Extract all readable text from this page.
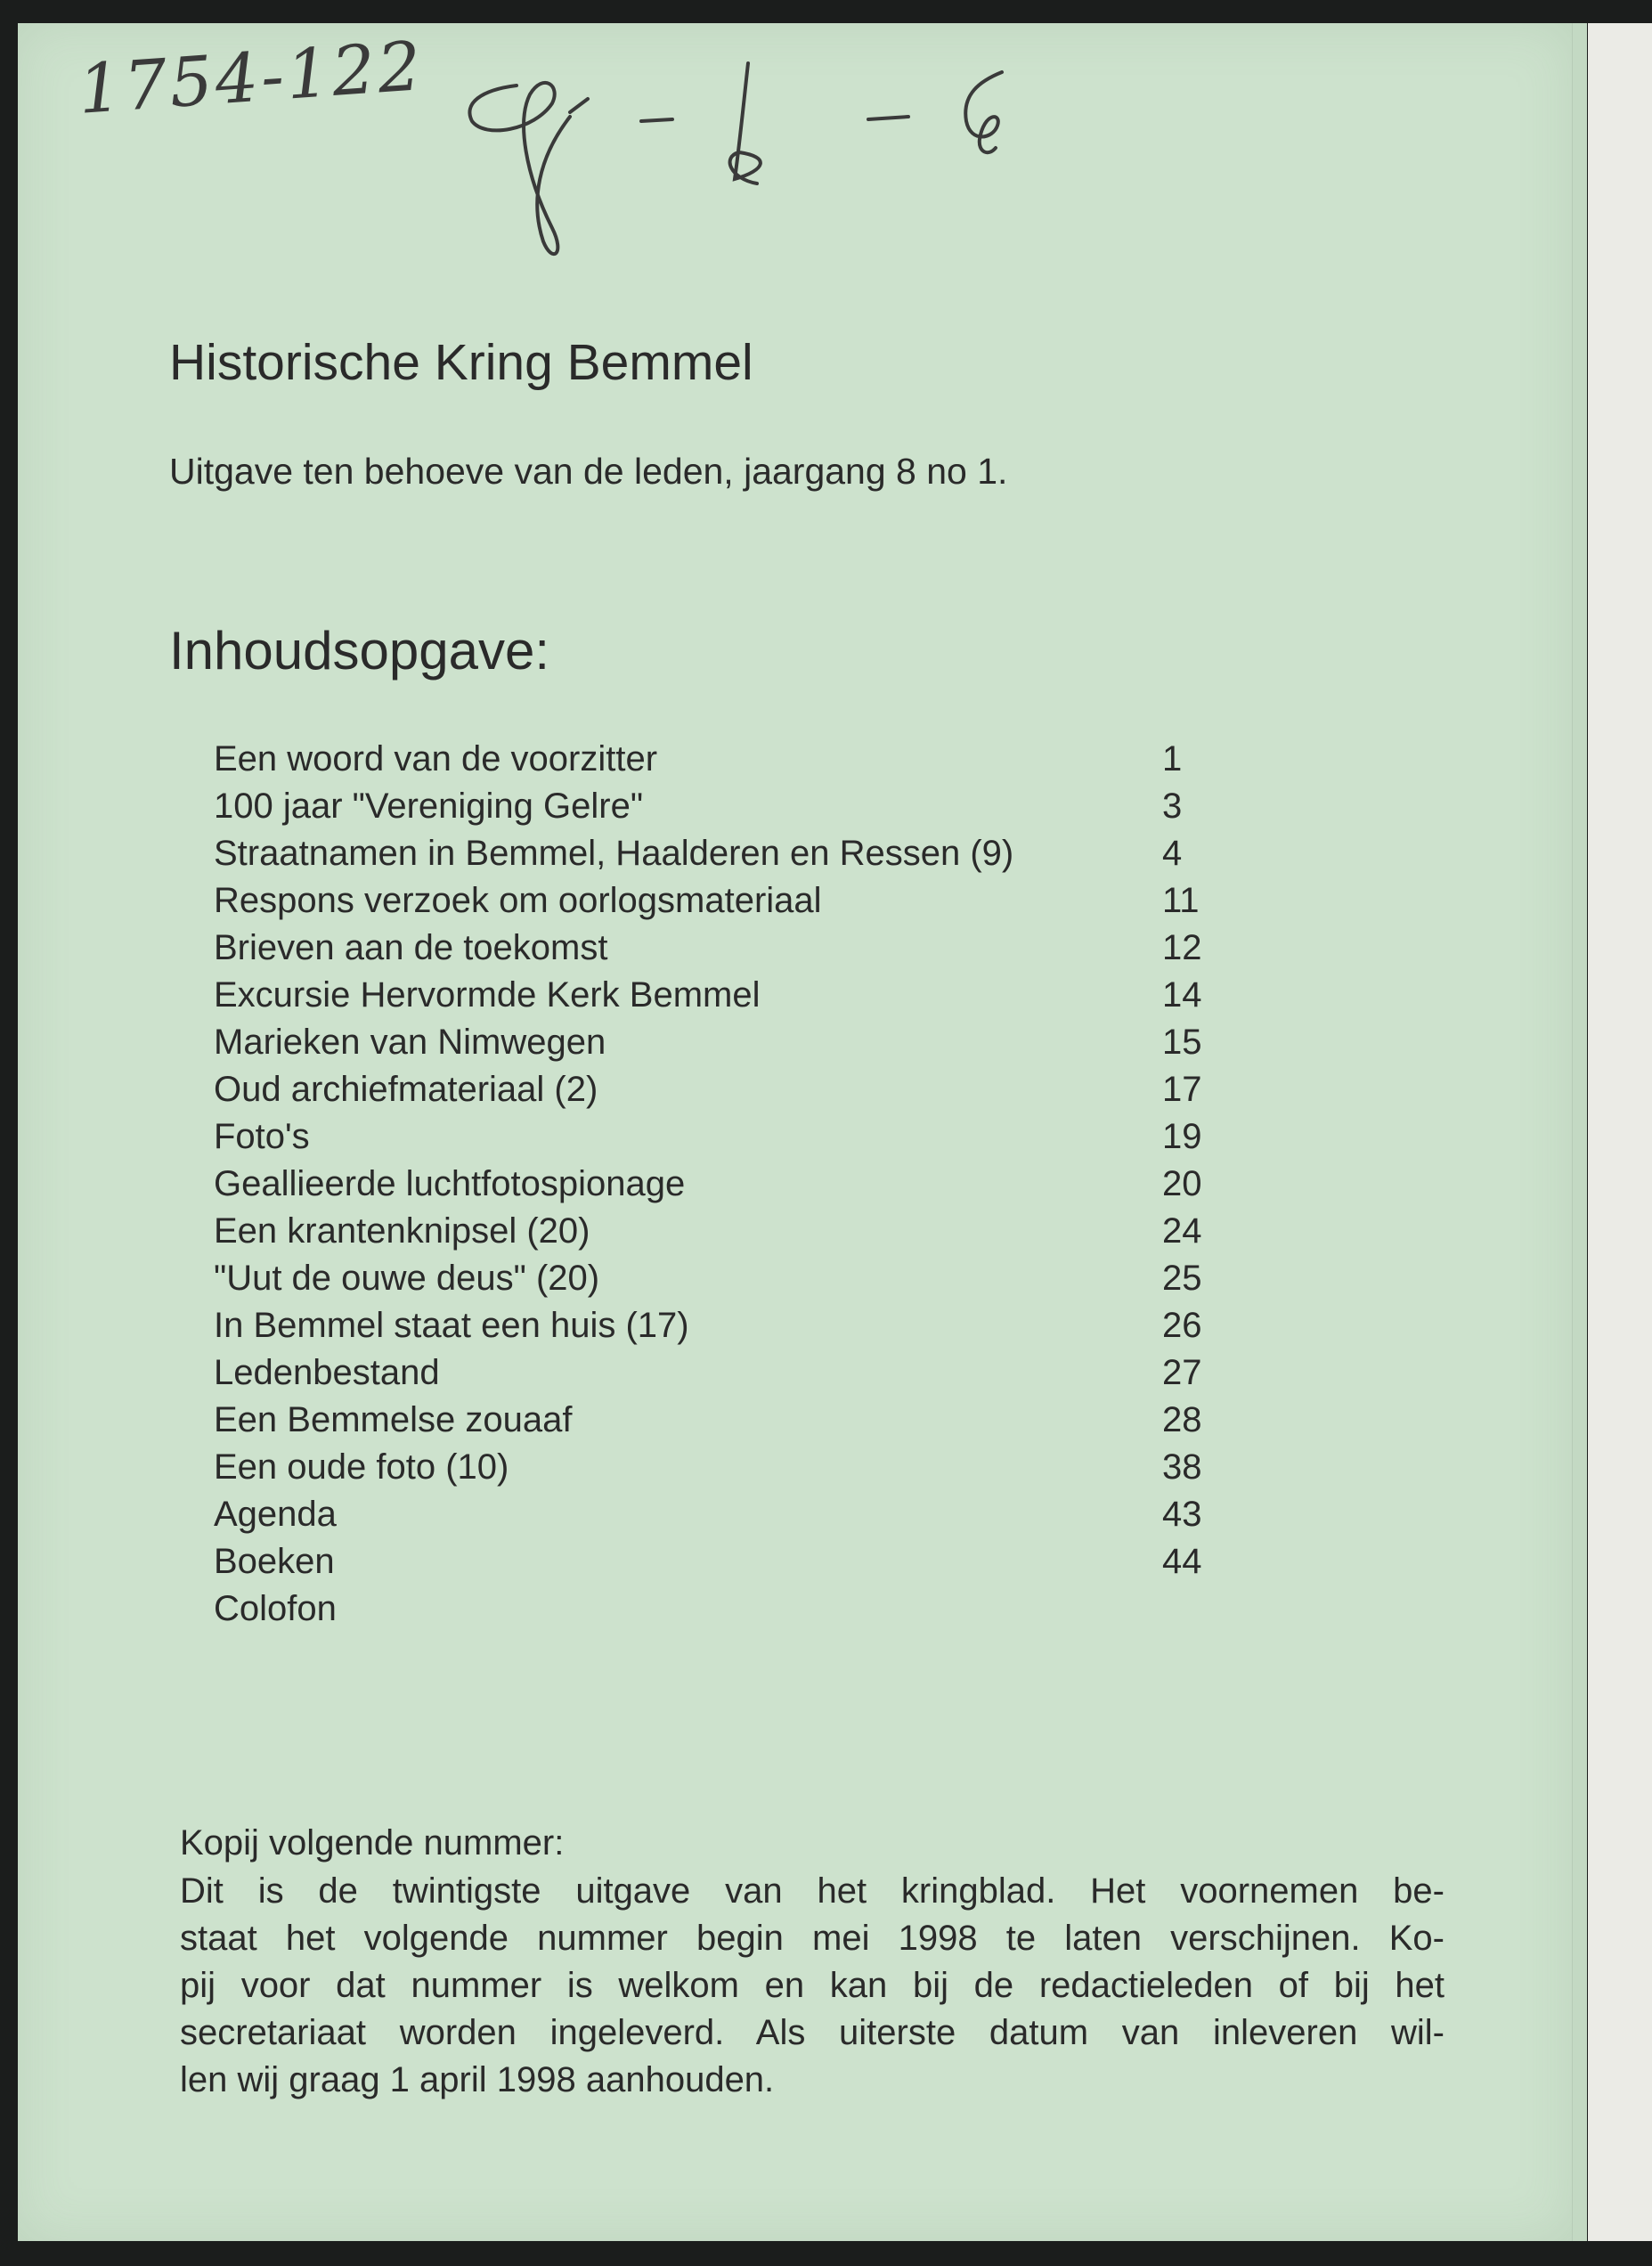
1754-122
Historische Kring Bemmel
Uitgave ten behoeve van de leden, jaargang 8 no 1.
Inhoudsopgave:
Een woord van de voorzitter	1
100 jaar "Vereniging Gelre"	3
Straatnamen in Bemmel, Haalderen en Ressen (9)	4
Respons verzoek om oorlogsmateriaal	11
Brieven aan de toekomst	12
Excursie Hervormde Kerk Bemmel	14
Marieken van Nimwegen	15
Oud archiefmateriaal (2)	17
Foto's	19
Geallieerde luchtfotospionage	20
Een krantenknipsel (20)	24
"Uut de ouwe deus" (20)	25
In Bemmel staat een huis (17)	26
Ledenbestand	27
Een Bemmelse zouaaf	28
Een oude foto (10)	38
Agenda	43
Boeken	44
Colofon
Kopij volgende nummer:
Dit is de twintigste uitgave van het kringblad. Het voornemen be-
staat het volgende nummer begin mei 1998 te laten verschijnen. Ko-
pij voor dat nummer is welkom en kan bij de redactieleden of bij het
secretariaat worden ingeleverd. Als uiterste datum van inleveren wil-
len wij graag 1 april 1998 aanhouden.
